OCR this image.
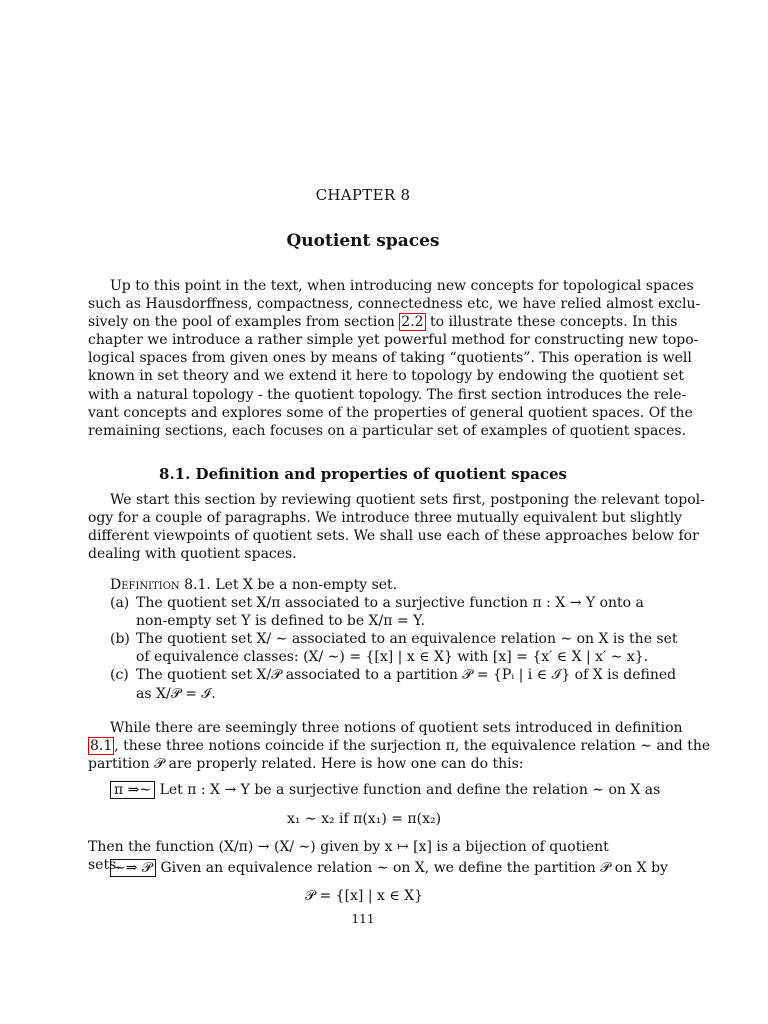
CHAPTER 8
Quotient spaces
Up to this point in the text, when introducing new concepts for topological spaces
such as Hausdorffness, compactness, connectedness etc, we have relied almost exclu-
sively on the pool of examples from section 2.2 to illustrate these concepts. In this
chapter we introduce a rather simple yet powerful method for constructing new topo-
logical spaces from given ones by means of taking “quotients”. This operation is well
known in set theory and we extend it here to topology by endowing the quotient set
with a natural topology - the quotient topology. The first section introduces the rele-
vant concepts and explores some of the properties of general quotient spaces. Of the
remaining sections, each focuses on a particular set of examples of quotient spaces.
8.1. Definition and properties of quotient spaces
We start this section by reviewing quotient sets first, postponing the relevant topol-
ogy for a couple of paragraphs. We introduce three mutually equivalent but slightly
different viewpoints of quotient sets. We shall use each of these approaches below for
dealing with quotient spaces.
Definition 8.1. Let X be a non-empty set.
(a) The quotient set X/π associated to a surjective function π : X → Y onto a
non-empty set Y is defined to be X/π = Y.
(b) The quotient set X/ ∼ associated to an equivalence relation ∼ on X is the set
of equivalence classes: (X/ ∼) = {[x] | x ∈ X} with [x] = {x′ ∈ X | x′ ∼ x}.
(c) The quotient set X/𝒫 associated to a partition 𝒫 = {Pᵢ | i ∈ ℐ} of X is defined
as X/𝒫 = ℐ.
While there are seemingly three notions of quotient sets introduced in definition
8.1 , these three notions coincide if the surjection π, the equivalence relation ∼ and the
partition 𝒫 are properly related. Here is how one can do this:
π ⇒∼ Let π : X → Y be a surjective function and define the relation ∼ on X as
x₁ ∼ x₂ if π(x₁) = π(x₂)
Then the function (X/π) → (X/ ∼) given by x ↦ [x] is a bijection of quotient sets.
∼⇒ 𝒫 Given an equivalence relation ∼ on X, we define the partition 𝒫 on X by
𝒫 = {[x] | x ∈ X}
111
